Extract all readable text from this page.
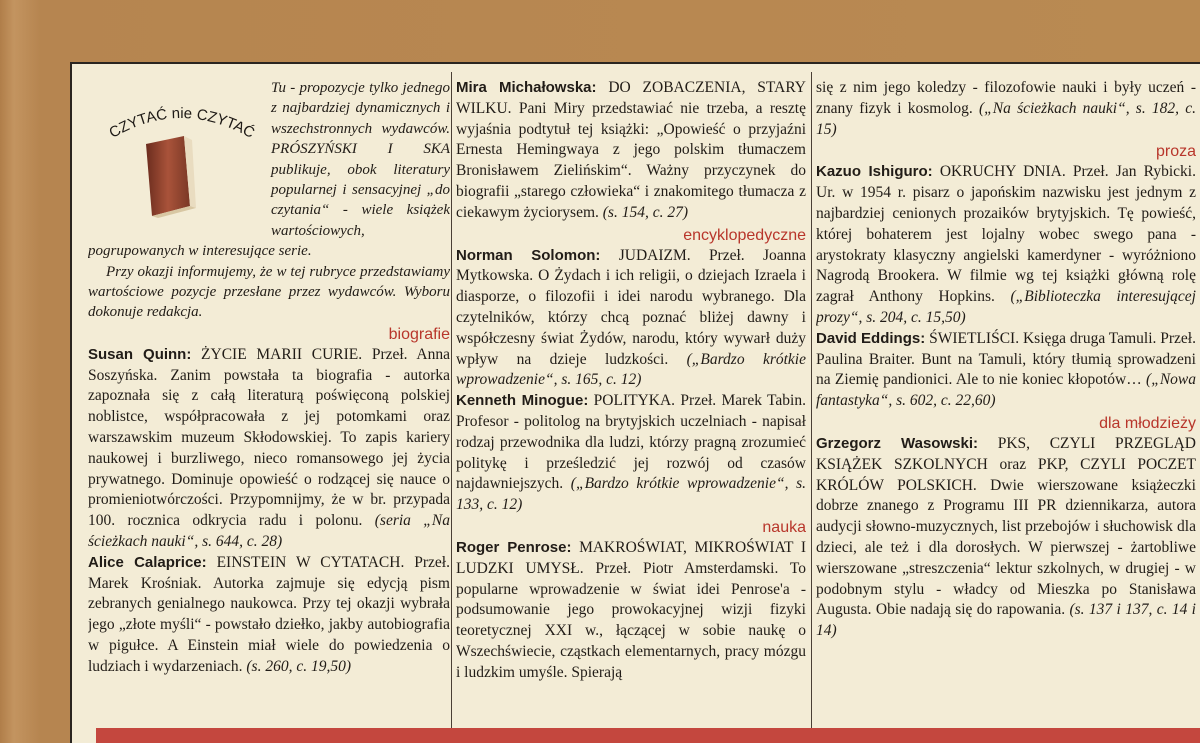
CZYTAĆ nie CZYTAĆ

Tu - propozycje tylko jednego z najbardziej dynamicznych i wszechstronnych wydawców. PRÓSZYŃSKI I SKA publikuje, obok literatury popularnej i sensacyjnej „do czytania“ - wiele książek wartościowych, pogrupowanych w interesujące serie.

Przy okazji informujemy, że w tej rubryce przedstawiamy wartościowe pozycje przesłane przez wydawców. Wyboru dokonuje redakcja.

biografie

Susan Quinn: ŻYCIE MARII CURIE. Przeł. Anna Soszyńska. Zanim powstała ta biografia - autorka zapoznała się z całą literaturą poświęconą polskiej noblistce, współpracowała z jej potomkami oraz warszawskim muzeum Skłodowskiej. To zapis kariery naukowej i burzliwego, nieco romansowego jej życia prywatnego. Dominuje opowieść o rodzącej się nauce o promieniotwórczości. Przypomnijmy, że w br. przypada 100. rocznica odkrycia radu i polonu. (seria „Na ścieżkach nauki“, s. 644, c. 28)

Alice Calaprice: EINSTEIN W CYTATACH. Przeł. Marek Krośniak. Autorka zajmuje się edycją pism zebranych genialnego naukowca. Przy tej okazji wybrała jego „złote myśli“ - powstało dziełko, jakby autobiografia w pigułce. A Einstein miał wiele do powiedzenia o ludziach i wydarzeniach. (s. 260, c. 19,50)

Mira Michałowska: DO ZOBACZENIA, STARY WILKU. Pani Miry przedstawiać nie trzeba, a resztę wyjaśnia podtytuł tej książki: „Opowieść o przyjaźni Ernesta Hemingwaya z jego polskim tłumaczem Bronisławem Zielińskim“. Ważny przyczynek do biografii „starego człowieka“ i znakomitego tłumacza z ciekawym życiorysem. (s. 154, c. 27)

encyklopedyczne

Norman Solomon: JUDAIZM. Przeł. Joanna Mytkowska. O Żydach i ich religii, o dziejach Izraela i diasporze, o filozofii i idei narodu wybranego. Dla czytelników, którzy chcą poznać bliżej dawny i współczesny świat Żydów, narodu, który wywarł duży wpływ na dzieje ludzkości. („Bardzo krótkie wprowadzenie“, s. 165, c. 12)

Kenneth Minogue: POLITYKA. Przeł. Marek Tabin. Profesor - politolog na brytyjskich uczelniach - napisał rodzaj przewodnika dla ludzi, którzy pragną zrozumieć politykę i prześledzić jej rozwój od czasów najdawniejszych. („Bardzo krótkie wprowadzenie“, s. 133, c. 12)

nauka

Roger Penrose: MAKROŚWIAT, MIKROŚWIAT I LUDZKI UMYSŁ. Przeł. Piotr Amsterdamski. To popularne wprowadzenie w świat idei Penrose'a - podsumowanie jego prowokacyjnej wizji fizyki teoretycznej XXI w., łączącej w sobie naukę o Wszechświecie, cząstkach elementarnych, pracy mózgu i ludzkim umyśle. Spierają

się z nim jego koledzy - filozofowie nauki i były uczeń - znany fizyk i kosmolog. („Na ścieżkach nauki“, s. 182, c. 15)

proza

Kazuo Ishiguro: OKRUCHY DNIA. Przeł. Jan Rybicki. Ur. w 1954 r. pisarz o japońskim nazwisku jest jednym z najbardziej cenionych prozaików brytyjskich. Tę powieść, której bohaterem jest lojalny wobec swego pana - arystokraty klasyczny angielski kamerdyner - wyróżniono Nagrodą Brookera. W filmie wg tej książki główną rolę zagrał Anthony Hopkins. („Biblioteczka interesującej prozy“, s. 204, c. 15,50)

David Eddings: ŚWIETLIŚCI. Księga druga Tamuli. Przeł. Paulina Braiter. Bunt na Tamuli, który tłumią sprowadzeni na Ziemię pandionici. Ale to nie koniec kłopotów… („Nowa fantastyka“, s. 602, c. 22,60)

dla młodzieży

Grzegorz Wasowski: PKS, CZYLI PRZEGLĄD KSIĄŻEK SZKOLNYCH oraz PKP, CZYLI POCZET KRÓLÓW POLSKICH. Dwie wierszowane książeczki dobrze znanego z Programu III PR dziennikarza, autora audycji słowno-muzycznych, list przebojów i słuchowisk dla dzieci, ale też i dla dorosłych. W pierwszej - żartobliwe wierszowane „streszczenia“ lektur szkolnych, w drugiej - w podobnym stylu - władcy od Mieszka po Stanisława Augusta. Obie nadają się do rapowania. (s. 137 i 137, c. 14 i 14)
